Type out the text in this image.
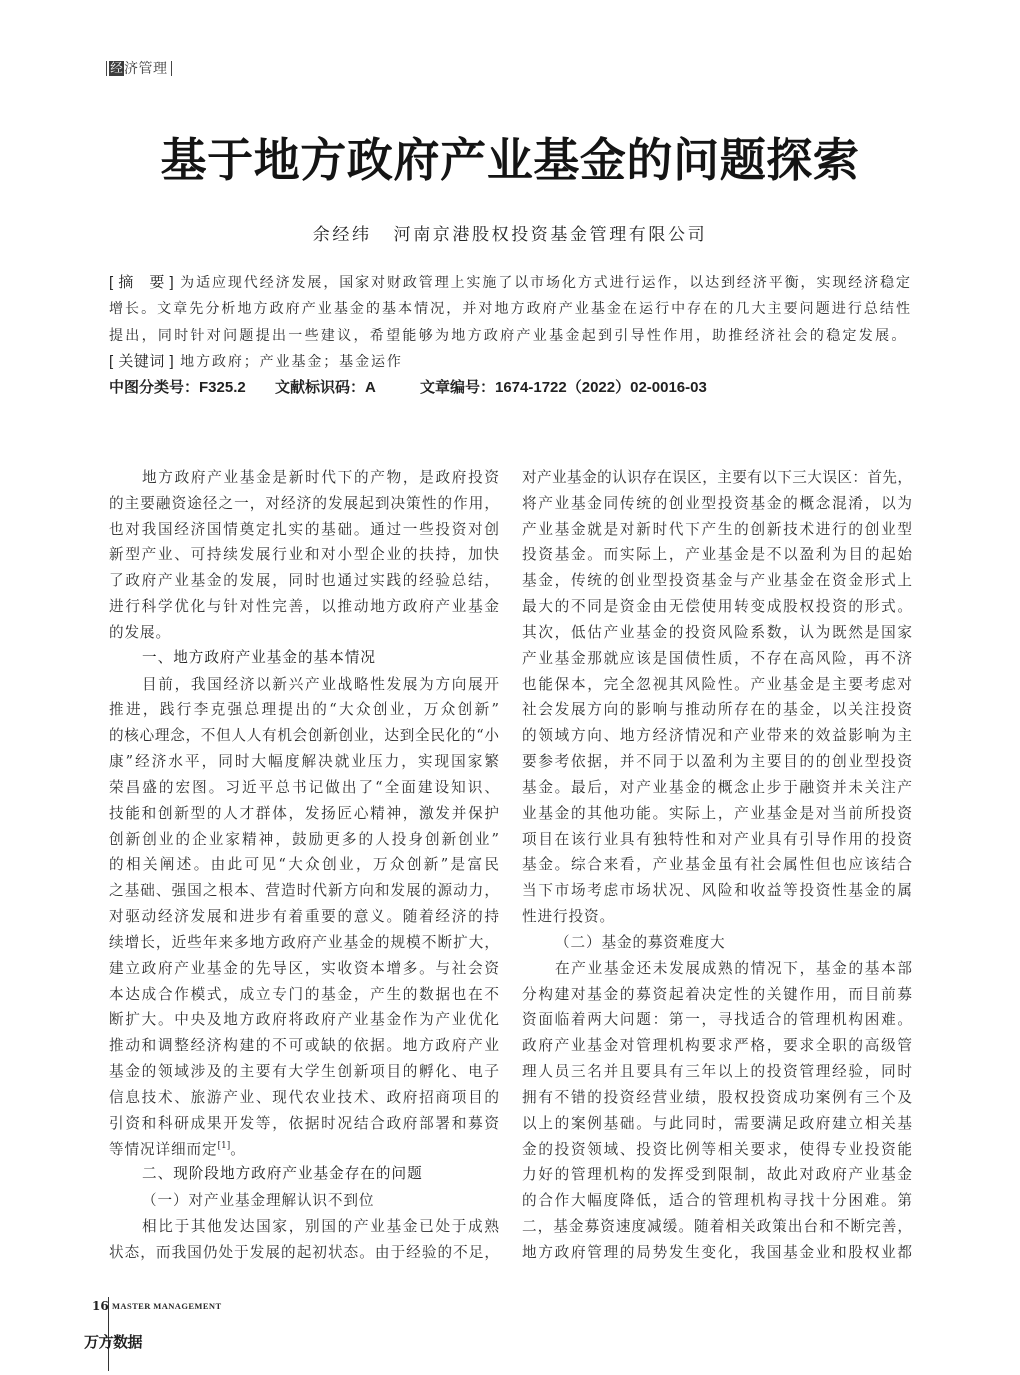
经 济管理
基于地方政府产业基金的问题探索
余经纬 河南京港股权投资基金管理有限公司
[ 摘　要 ] 为适应现代经济发展，国家对财政管理上实施了以市场化方式进行运作，以达到经济平衡，实现经济稳定
增长。文章先分析地方政府产业基金的基本情况，并对地方政府产业基金在运行中存在的几大主要问题进行总结性
提出，同时针对问题提出一些建议，希望能够为地方政府产业基金起到引导性作用，助推经济社会的稳定发展。
[ 关键词 ] 地方政府；产业基金；基金运作
中图分类号：F325.2 文献标识码：A	文章编号：1674-1722（2022）02-0016-03
地方政府产业基金是新时代下的产物，是政府投资
的主要融资途径之一，对经济的发展起到决策性的作用，
也对我国经济国情奠定扎实的基础。通过一些投资对创
新型产业、可持续发展行业和对小型企业的扶持，加快
了政府产业基金的发展，同时也通过实践的经验总结，
进行科学优化与针对性完善，以推动地方政府产业基金
的发展。
一、地方政府产业基金的基本情况
目前，我国经济以新兴产业战略性发展为方向展开
推进，践行李克强总理提出的“大众创业，万众创新”
的核心理念，不但人人有机会创新创业，达到全民化的“小
康”经济水平，同时大幅度解决就业压力，实现国家繁
荣昌盛的宏图。习近平总书记做出了“全面建设知识、
技能和创新型的人才群体，发扬匠心精神，激发并保护
创新创业的企业家精神，鼓励更多的人投身创新创业”
的相关阐述。由此可见“大众创业，万众创新”是富民
之基础、强国之根本、营造时代新方向和发展的源动力，
对驱动经济发展和进步有着重要的意义。随着经济的持
续增长，近些年来多地方政府产业基金的规模不断扩大，
建立政府产业基金的先导区，实收资本增多。与社会资
本达成合作模式，成立专门的基金，产生的数据也在不
断扩大。中央及地方政府将政府产业基金作为产业优化
推动和调整经济构建的不可或缺的依据。地方政府产业
基金的领域涉及的主要有大学生创新项目的孵化、电子
信息技术、旅游产业、现代农业技术、政府招商项目的
引资和科研成果开发等，依据时况结合政府部署和募资
等情况详细而定[1]。
二、现阶段地方政府产业基金存在的问题
（一）对产业基金理解认识不到位
相比于其他发达国家，别国的产业基金已处于成熟
状态，而我国仍处于发展的起初状态。由于经验的不足，
对产业基金的认识存在误区，主要有以下三大误区：首先，
将产业基金同传统的创业型投资基金的概念混淆，以为
产业基金就是对新时代下产生的创新技术进行的创业型
投资基金。而实际上，产业基金是不以盈利为目的起始
基金，传统的创业型投资基金与产业基金在资金形式上
最大的不同是资金由无偿使用转变成股权投资的形式。
其次，低估产业基金的投资风险系数，认为既然是国家
产业基金那就应该是国债性质，不存在高风险，再不济
也能保本，完全忽视其风险性。产业基金是主要考虑对
社会发展方向的影响与推动所存在的基金，以关注投资
的领域方向、地方经济情况和产业带来的效益影响为主
要参考依据，并不同于以盈利为主要目的的创业型投资
基金。最后，对产业基金的概念止步于融资并未关注产
业基金的其他功能。实际上，产业基金是对当前所投资
项目在该行业具有独特性和对产业具有引导作用的投资
基金。综合来看，产业基金虽有社会属性但也应该结合
当下市场考虑市场状况、风险和收益等投资性基金的属
性进行投资。
（二）基金的募资难度大
在产业基金还未发展成熟的情况下，基金的基本部
分构建对基金的募资起着决定性的关键作用，而目前募
资面临着两大问题：第一，寻找适合的管理机构困难。
政府产业基金对管理机构要求严格，要求全职的高级管
理人员三名并且要具有三年以上的投资管理经验，同时
拥有不错的投资经营业绩，股权投资成功案例有三个及
以上的案例基础。与此同时，需要满足政府建立相关基
金的投资领域、投资比例等相关要求，使得专业投资能
力好的管理机构的发挥受到限制，故此对政府产业基金
的合作大幅度降低，适合的管理机构寻找十分困难。第
二，基金募资速度减缓。随着相关政策出台和不断完善，
地方政府管理的局势发生变化，我国基金业和股权业都
16 MASTER MANAGEMENT
万方数据
